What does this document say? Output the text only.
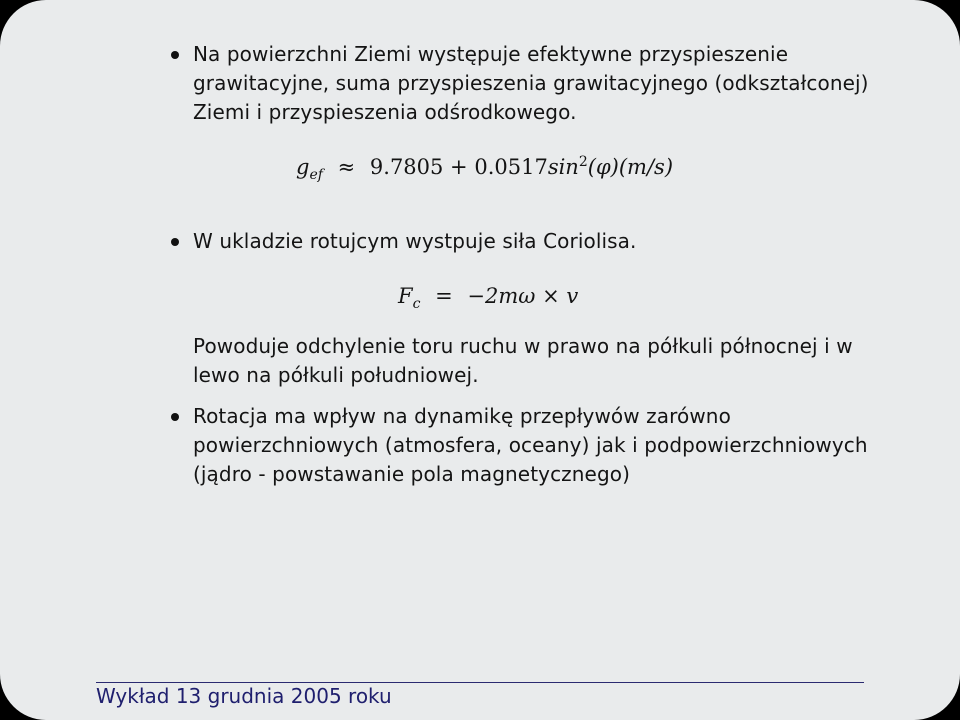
Na powierzchni Ziemi występuje efektywne przyspieszenie
grawitacyjne, suma przyspieszenia grawitacyjnego (odkształconej)
Ziemi i przyspieszenia odśrodkowego.
$g_{ef} \approx 9.7805 + 0.0517\sin^2(\varphi)(m/s)$
W ukladzie rotujcym wystpuje siła Coriolisa.
$F_c = -2m\omega \times v$
Powoduje odchylenie toru ruchu w prawo na półkuli północnej i w
lewo na półkuli południowej.
Rotacja ma wpływ na dynamikę przepływów zarówno
powierzchniowych (atmosfera, oceany) jak i podpowierzchniowych
(jądro - powstawanie pola magnetycznego)
Wykład 13 grudnia 2005 roku
